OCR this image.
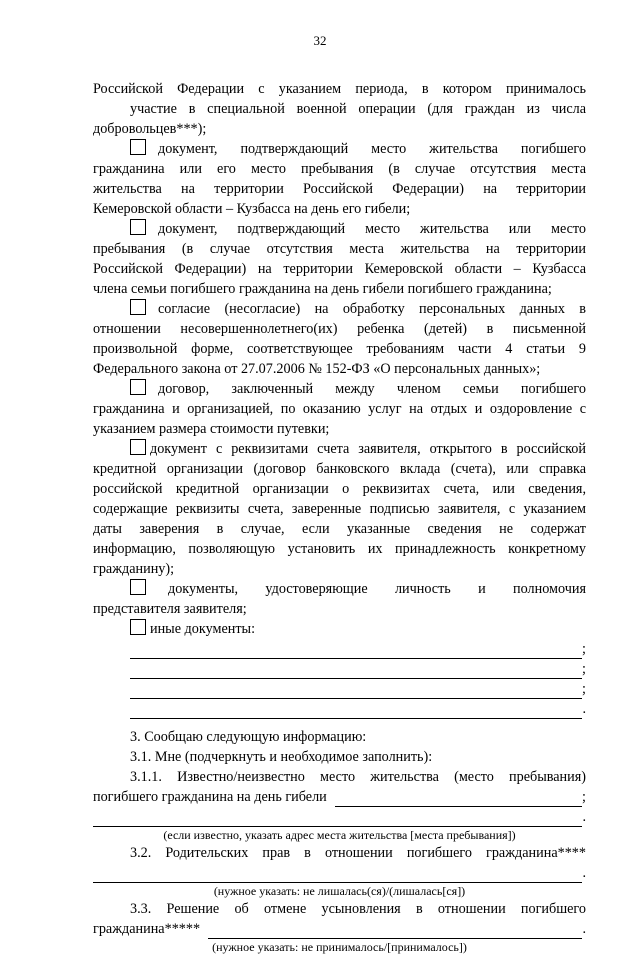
32

Российской Федерации с указанием периода, в котором принималось

участие в специальной военной операции (для граждан из числа

добровольцев***);

документ, подтверждающий место жительства погибшего

гражданина или его место пребывания (в случае отсутствия места

жительства на территории Российской Федерации) на территории

Кемеровской области – Кузбасса на день его гибели;

документ, подтверждающий место жительства или место

пребывания (в случае отсутствия места жительства на территории

Российской Федерации) на территории Кемеровской области – Кузбасса

члена семьи погибшего гражданина на день гибели погибшего гражданина;

согласие (несогласие) на обработку персональных данных в

отношении несовершеннолетнего(их) ребенка (детей) в письменной

произвольной форме, соответствующее требованиям части 4 статьи 9

Федерального закона от 27.07.2006 № 152-ФЗ «О персональных данных»;

договор, заключенный между членом семьи погибшего

гражданина и организацией, по оказанию услуг на отдых и оздоровление с

указанием размера стоимости путевки;

документ с реквизитами счета заявителя, открытого в российской

кредитной организации (договор банковского вклада (счета), или справка

российской кредитной организации о реквизитах счета, или сведения,

содержащие реквизиты счета, заверенные подписью заявителя, с указанием

даты заверения в случае, если указанные сведения не содержат

информацию, позволяющую установить их принадлежность конкретному

гражданину);

документы, удостоверяющие личность и полномочия

представителя заявителя;

иные документы:

;
;
;
.

3. Сообщаю следующую информацию:

3.1. Мне (подчеркнуть и необходимое заполнить):

3.1.1. Известно/неизвестно место жительства (место пребывания)

погибшего гражданина на день гибели	;
.

(если известно, указать адрес места жительства [места пребывания])

3.2. Родительских прав в отношении погибшего гражданина****

.

(нужное указать: не лишалась(ся)/(лишалась[ся])

3.3. Решение об отмене усыновления в отношении погибшего

гражданина*****	.

(нужное указать: не принималось/[принималось])
